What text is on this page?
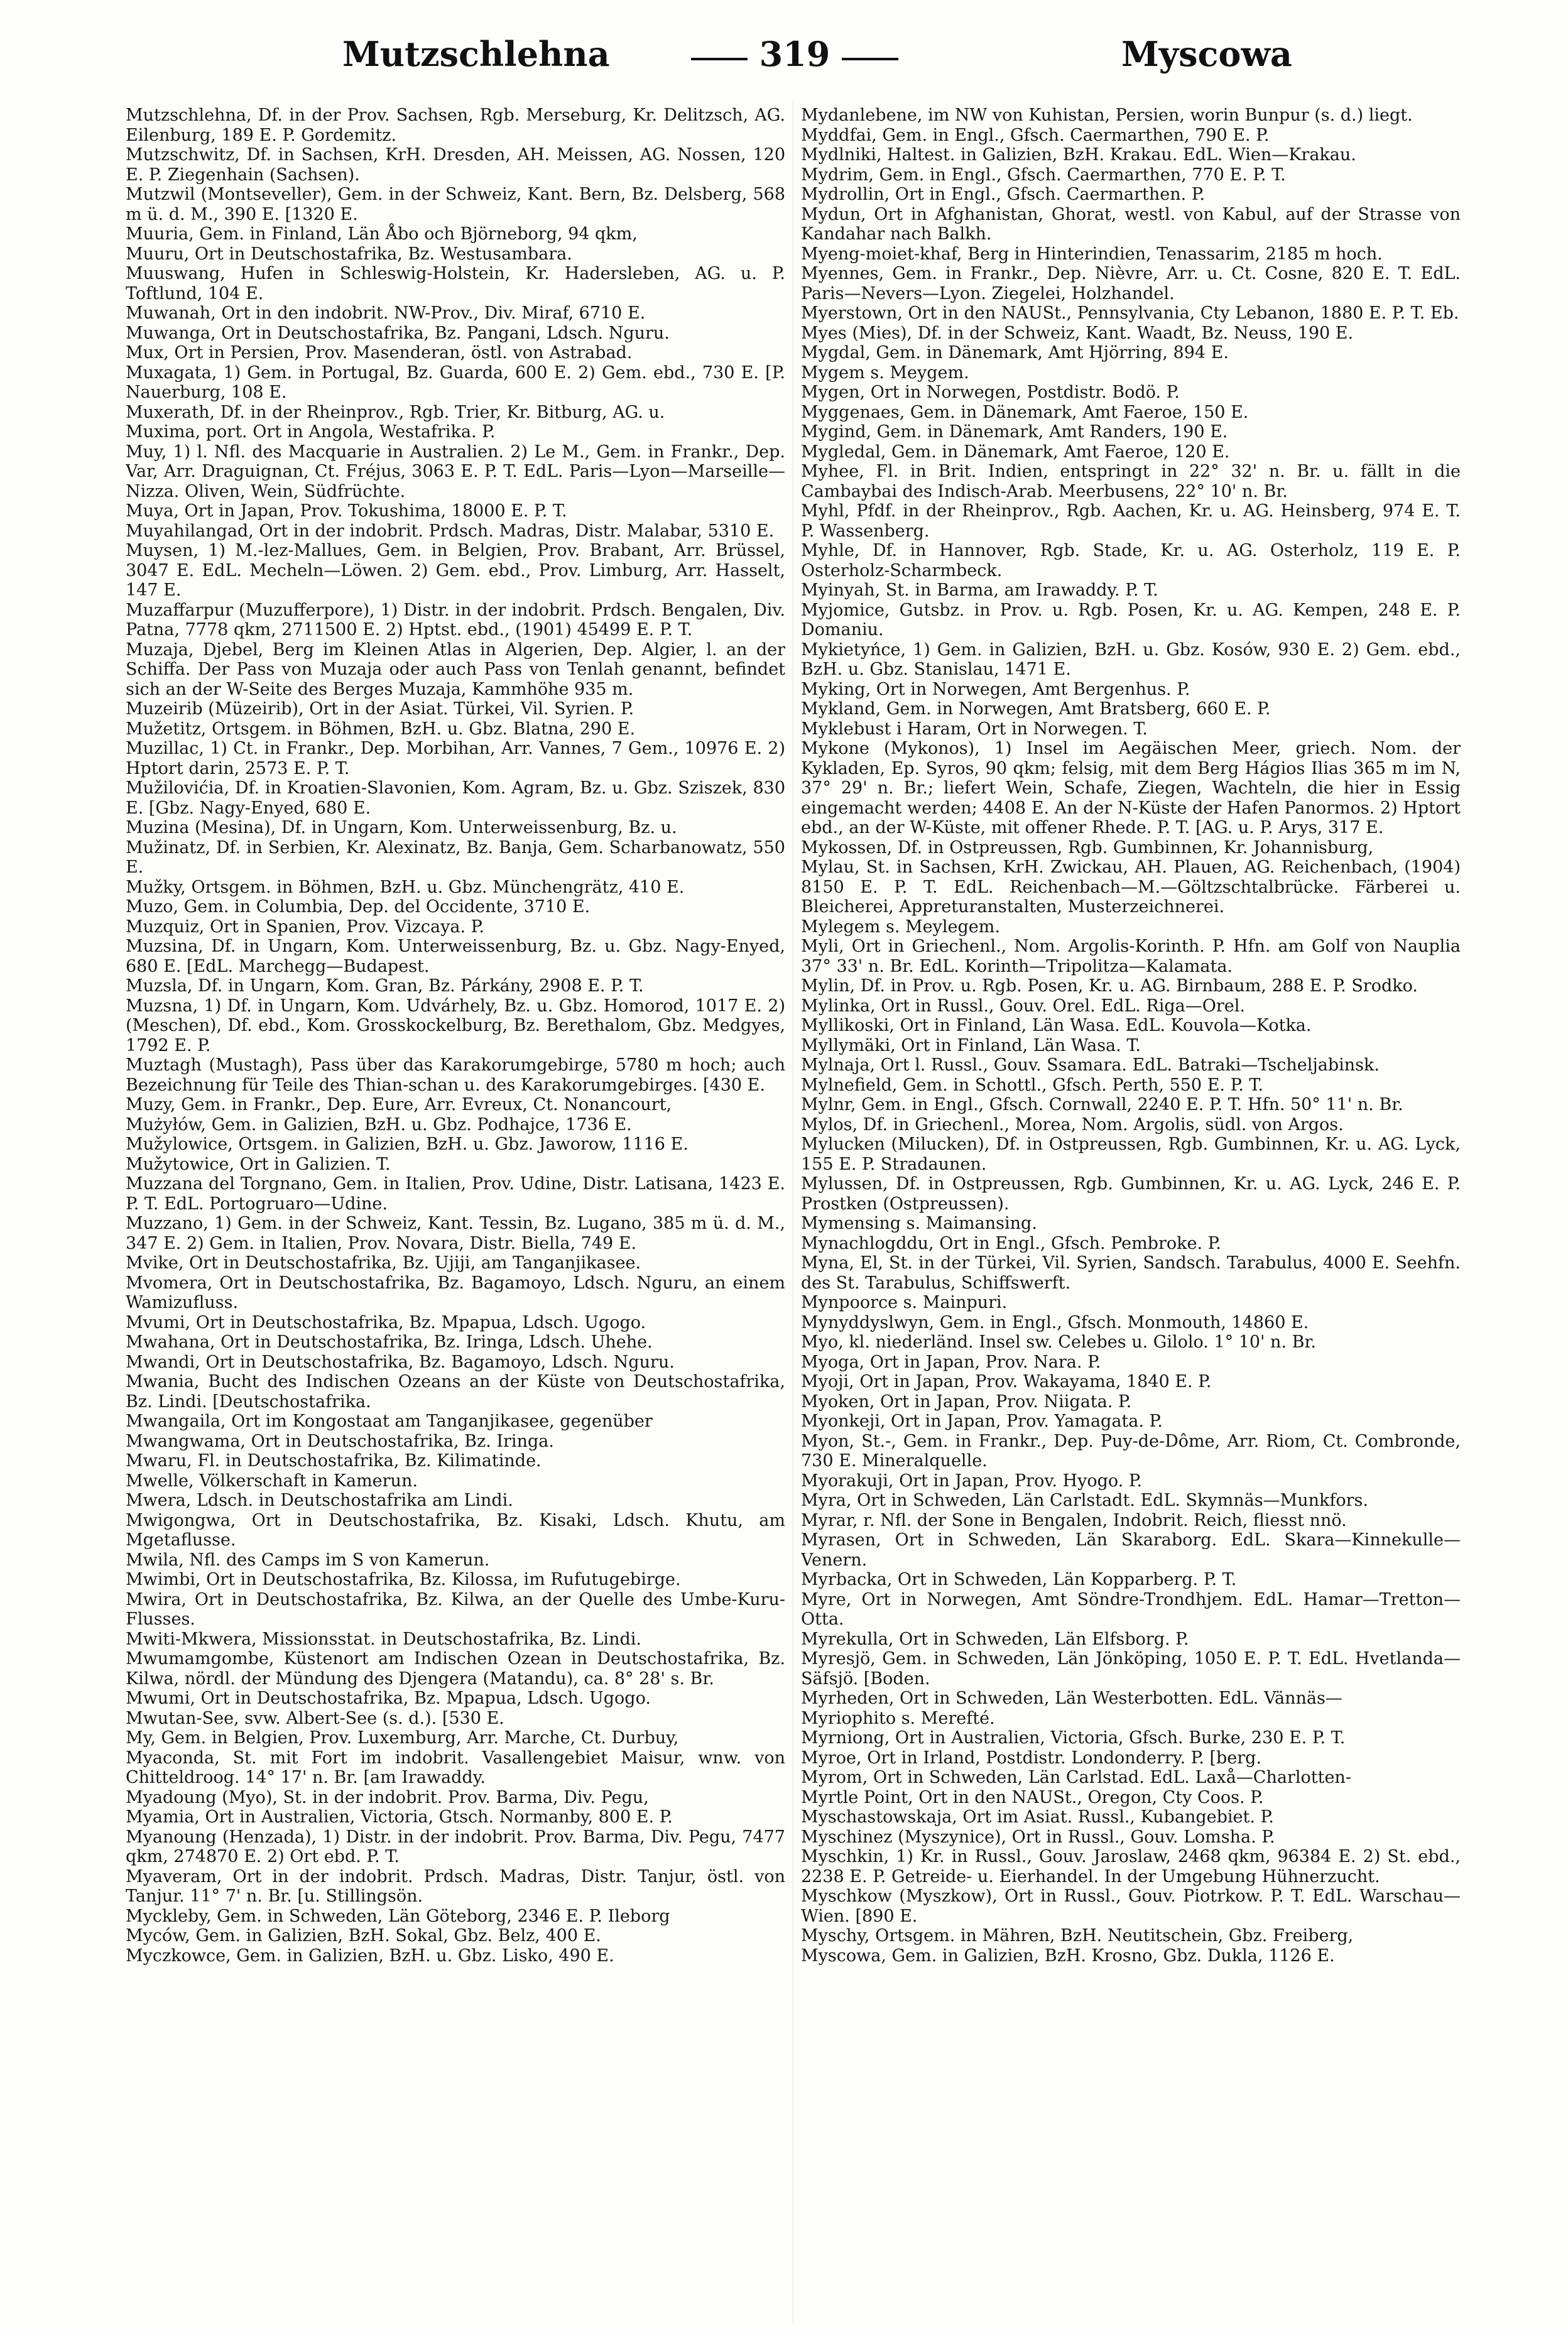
Mutzschlehna	319	Myscowa

Mutzschlehna, Df. in der Prov. Sachsen, Rgb. Merseburg, Kr. Delitzsch, AG. Eilenburg, 189 E. P. Gordemitz.

Mutzschwitz, Df. in Sachsen, KrH. Dresden, AH. Meissen, AG. Nossen, 120 E. P. Ziegenhain (Sachsen).

Mutzwil (Montseveller), Gem. in der Schweiz, Kant. Bern, Bz. Delsberg, 568 m ü. d. M., 390 E. [1320 E.

Muuria, Gem. in Finland, Län Åbo och Björneborg, 94 qkm,

Muuru, Ort in Deutschostafrika, Bz. Westusambara.

Muuswang, Hufen in Schleswig-Holstein, Kr. Hadersleben, AG. u. P. Toftlund, 104 E.

Muwanah, Ort in den indobrit. NW-Prov., Div. Miraf, 6710 E.

Muwanga, Ort in Deutschostafrika, Bz. Pangani, Ldsch. Nguru.

Mux, Ort in Persien, Prov. Masenderan, östl. von Astrabad.

Muxagata, 1) Gem. in Portugal, Bz. Guarda, 600 E. 2) Gem. ebd., 730 E. [P. Nauerburg, 108 E.

Muxerath, Df. in der Rheinprov., Rgb. Trier, Kr. Bitburg, AG. u.

Muxima, port. Ort in Angola, Westafrika. P.

Muy, 1) l. Nfl. des Macquarie in Australien. 2) Le M., Gem. in Frankr., Dep. Var, Arr. Draguignan, Ct. Fréjus, 3063 E. P. T. EdL. Paris—Lyon—Marseille—Nizza. Oliven, Wein, Südfrüchte.

Muya, Ort in Japan, Prov. Tokushima, 18000 E. P. T.

Muyahilangad, Ort in der indobrit. Prdsch. Madras, Distr. Malabar, 5310 E.

Muysen, 1) M.-lez-Mallues, Gem. in Belgien, Prov. Brabant, Arr. Brüssel, 3047 E. EdL. Mecheln—Löwen. 2) Gem. ebd., Prov. Limburg, Arr. Hasselt, 147 E.

Muzaffarpur (Muzufferpore), 1) Distr. in der indobrit. Prdsch. Bengalen, Div. Patna, 7778 qkm, 2711500 E. 2) Hptst. ebd., (1901) 45499 E. P. T.

Muzaja, Djebel, Berg im Kleinen Atlas in Algerien, Dep. Algier, l. an der Schiffa. Der Pass von Muzaja oder auch Pass von Tenlah genannt, befindet sich an der W-Seite des Berges Muzaja, Kammhöhe 935 m.

Muzeirib (Müzeirib), Ort in der Asiat. Türkei, Vil. Syrien. P.

Mužetitz, Ortsgem. in Böhmen, BzH. u. Gbz. Blatna, 290 E.

Muzillac, 1) Ct. in Frankr., Dep. Morbihan, Arr. Vannes, 7 Gem., 10976 E. 2) Hptort darin, 2573 E. P. T.

Mužilovićia, Df. in Kroatien-Slavonien, Kom. Agram, Bz. u. Gbz. Sziszek, 830 E. [Gbz. Nagy-Enyed, 680 E.

Muzina (Mesina), Df. in Ungarn, Kom. Unterweissenburg, Bz. u.

Mužinatz, Df. in Serbien, Kr. Alexinatz, Bz. Banja, Gem. Scharbanowatz, 550 E.

Mužky, Ortsgem. in Böhmen, BzH. u. Gbz. Münchengrätz, 410 E.

Muzo, Gem. in Columbia, Dep. del Occidente, 3710 E.

Muzquiz, Ort in Spanien, Prov. Vizcaya. P.

Muzsina, Df. in Ungarn, Kom. Unterweissenburg, Bz. u. Gbz. Nagy-Enyed, 680 E. [EdL. Marchegg—Budapest.

Muzsla, Df. in Ungarn, Kom. Gran, Bz. Párkány, 2908 E. P. T.

Muzsna, 1) Df. in Ungarn, Kom. Udvárhely, Bz. u. Gbz. Homorod, 1017 E. 2) (Meschen), Df. ebd., Kom. Grosskockelburg, Bz. Berethalom, Gbz. Medgyes, 1792 E. P.

Muztagh (Mustagh), Pass über das Karakorumgebirge, 5780 m hoch; auch Bezeichnung für Teile des Thian-schan u. des Karakorumgebirges. [430 E.

Muzy, Gem. in Frankr., Dep. Eure, Arr. Evreux, Ct. Nonancourt,

Mużyłów, Gem. in Galizien, BzH. u. Gbz. Podhajce, 1736 E.

Mužylowice, Ortsgem. in Galizien, BzH. u. Gbz. Jaworow, 1116 E.

Mužytowice, Ort in Galizien. T.

Muzzana del Torgnano, Gem. in Italien, Prov. Udine, Distr. Latisana, 1423 E. P. T. EdL. Portogruaro—Udine.

Muzzano, 1) Gem. in der Schweiz, Kant. Tessin, Bz. Lugano, 385 m ü. d. M., 347 E. 2) Gem. in Italien, Prov. Novara, Distr. Biella, 749 E.

Mvike, Ort in Deutschostafrika, Bz. Ujiji, am Tanganjikasee.

Mvomera, Ort in Deutschostafrika, Bz. Bagamoyo, Ldsch. Nguru, an einem Wamizufluss.

Mvumi, Ort in Deutschostafrika, Bz. Mpapua, Ldsch. Ugogo.

Mwahana, Ort in Deutschostafrika, Bz. Iringa, Ldsch. Uhehe.

Mwandi, Ort in Deutschostafrika, Bz. Bagamoyo, Ldsch. Nguru.

Mwania, Bucht des Indischen Ozeans an der Küste von Deutschostafrika, Bz. Lindi. [Deutschostafrika.

Mwangaila, Ort im Kongostaat am Tanganjikasee, gegenüber

Mwangwama, Ort in Deutschostafrika, Bz. Iringa.

Mwaru, Fl. in Deutschostafrika, Bz. Kilimatinde.

Mwelle, Völkerschaft in Kamerun.

Mwera, Ldsch. in Deutschostafrika am Lindi.

Mwigongwa, Ort in Deutschostafrika, Bz. Kisaki, Ldsch. Khutu, am Mgetaflusse.

Mwila, Nfl. des Camps im S von Kamerun.

Mwimbi, Ort in Deutschostafrika, Bz. Kilossa, im Rufutugebirge.

Mwira, Ort in Deutschostafrika, Bz. Kilwa, an der Quelle des Umbe-Kuru-Flusses.

Mwiti-Mkwera, Missionsstat. in Deutschostafrika, Bz. Lindi.

Mwumamgombe, Küstenort am Indischen Ozean in Deutschostafrika, Bz. Kilwa, nördl. der Mündung des Djengera (Matandu), ca. 8° 28' s. Br.

Mwumi, Ort in Deutschostafrika, Bz. Mpapua, Ldsch. Ugogo.

Mwutan-See, svw. Albert-See (s. d.). [530 E.

My, Gem. in Belgien, Prov. Luxemburg, Arr. Marche, Ct. Durbuy,

Myaconda, St. mit Fort im indobrit. Vasallengebiet Maisur, wnw. von Chitteldroog. 14° 17' n. Br. [am Irawaddy.

Myadoung (Myo), St. in der indobrit. Prov. Barma, Div. Pegu,

Myamia, Ort in Australien, Victoria, Gtsch. Normanby, 800 E. P.

Myanoung (Henzada), 1) Distr. in der indobrit. Prov. Barma, Div. Pegu, 7477 qkm, 274870 E. 2) Ort ebd. P. T.

Myaveram, Ort in der indobrit. Prdsch. Madras, Distr. Tanjur, östl. von Tanjur. 11° 7' n. Br. [u. Stillingsön.

Myckleby, Gem. in Schweden, Län Göteborg, 2346 E. P. Ileborg

Myców, Gem. in Galizien, BzH. Sokal, Gbz. Belz, 400 E.

Myczkowce, Gem. in Galizien, BzH. u. Gbz. Lisko, 490 E.

Mydanlebene, im NW von Kuhistan, Persien, worin Bunpur (s. d.) liegt.

Myddfai, Gem. in Engl., Gfsch. Caermarthen, 790 E. P.

Mydlniki, Haltest. in Galizien, BzH. Krakau. EdL. Wien—Krakau.

Mydrim, Gem. in Engl., Gfsch. Caermarthen, 770 E. P. T.

Mydrollin, Ort in Engl., Gfsch. Caermarthen. P.

Mydun, Ort in Afghanistan, Ghorat, westl. von Kabul, auf der Strasse von Kandahar nach Balkh.

Myeng-moiet-khaf, Berg in Hinterindien, Tenassarim, 2185 m hoch.

Myennes, Gem. in Frankr., Dep. Nièvre, Arr. u. Ct. Cosne, 820 E. T. EdL. Paris—Nevers—Lyon. Ziegelei, Holzhandel.

Myerstown, Ort in den NAUSt., Pennsylvania, Cty Lebanon, 1880 E. P. T. Eb.

Myes (Mies), Df. in der Schweiz, Kant. Waadt, Bz. Neuss, 190 E.

Mygdal, Gem. in Dänemark, Amt Hjörring, 894 E.

Mygem s. Meygem.

Mygen, Ort in Norwegen, Postdistr. Bodö. P.

Myggenaes, Gem. in Dänemark, Amt Faeroe, 150 E.

Mygind, Gem. in Dänemark, Amt Randers, 190 E.

Mygledal, Gem. in Dänemark, Amt Faeroe, 120 E.

Myhee, Fl. in Brit. Indien, entspringt in 22° 32' n. Br. u. fällt in die Cambaybai des Indisch-Arab. Meerbusens, 22° 10' n. Br.

Myhl, Pfdf. in der Rheinprov., Rgb. Aachen, Kr. u. AG. Heinsberg, 974 E. T. P. Wassenberg.

Myhle, Df. in Hannover, Rgb. Stade, Kr. u. AG. Osterholz, 119 E. P. Osterholz-Scharmbeck.

Myinyah, St. in Barma, am Irawaddy. P. T.

Myjomice, Gutsbz. in Prov. u. Rgb. Posen, Kr. u. AG. Kempen, 248 E. P. Domaniu.

Mykietyńce, 1) Gem. in Galizien, BzH. u. Gbz. Kosów, 930 E. 2) Gem. ebd., BzH. u. Gbz. Stanislau, 1471 E.

Myking, Ort in Norwegen, Amt Bergenhus. P.

Mykland, Gem. in Norwegen, Amt Bratsberg, 660 E. P.

Myklebust i Haram, Ort in Norwegen. T.

Mykone (Mykonos), 1) Insel im Aegäischen Meer, griech. Nom. der Kykladen, Ep. Syros, 90 qkm; felsig, mit dem Berg Hágios Ilias 365 m im N, 37° 29' n. Br.; liefert Wein, Schafe, Ziegen, Wachteln, die hier in Essig eingemacht werden; 4408 E. An der N-Küste der Hafen Panormos. 2) Hptort ebd., an der W-Küste, mit offener Rhede. P. T. [AG. u. P. Arys, 317 E.

Mykossen, Df. in Ostpreussen, Rgb. Gumbinnen, Kr. Johannisburg,

Mylau, St. in Sachsen, KrH. Zwickau, AH. Plauen, AG. Reichenbach, (1904) 8150 E. P. T. EdL. Reichenbach—M.—Göltzschtalbrücke. Färberei u. Bleicherei, Appreturanstalten, Musterzeichnerei.

Mylegem s. Meylegem.

Myli, Ort in Griechenl., Nom. Argolis-Korinth. P. Hfn. am Golf von Nauplia 37° 33' n. Br. EdL. Korinth—Tripolitza—Kalamata.

Mylin, Df. in Prov. u. Rgb. Posen, Kr. u. AG. Birnbaum, 288 E. P. Srodko.

Mylinka, Ort in Russl., Gouv. Orel. EdL. Riga—Orel.

Myllikoski, Ort in Finland, Län Wasa. EdL. Kouvola—Kotka.

Myllymäki, Ort in Finland, Län Wasa. T.

Mylnaja, Ort l. Russl., Gouv. Ssamara. EdL. Batraki—Tscheljabinsk.

Mylnefield, Gem. in Schottl., Gfsch. Perth, 550 E. P. T.

Mylnr, Gem. in Engl., Gfsch. Cornwall, 2240 E. P. T. Hfn. 50° 11' n. Br.

Mylos, Df. in Griechenl., Morea, Nom. Argolis, südl. von Argos.

Mylucken (Milucken), Df. in Ostpreussen, Rgb. Gumbinnen, Kr. u. AG. Lyck, 155 E. P. Stradaunen.

Mylussen, Df. in Ostpreussen, Rgb. Gumbinnen, Kr. u. AG. Lyck, 246 E. P. Prostken (Ostpreussen).

Mymensing s. Maimansing.

Mynachlogddu, Ort in Engl., Gfsch. Pembroke. P.

Myna, El, St. in der Türkei, Vil. Syrien, Sandsch. Tarabulus, 4000 E. Seehfn. des St. Tarabulus, Schiffswerft.

Mynpoorce s. Mainpuri.

Mynyddyslwyn, Gem. in Engl., Gfsch. Monmouth, 14860 E.

Myo, kl. niederländ. Insel sw. Celebes u. Gilolo. 1° 10' n. Br.

Myoga, Ort in Japan, Prov. Nara. P.

Myoji, Ort in Japan, Prov. Wakayama, 1840 E. P.

Myoken, Ort in Japan, Prov. Niigata. P.

Myonkeji, Ort in Japan, Prov. Yamagata. P.

Myon, St.-, Gem. in Frankr., Dep. Puy-de-Dôme, Arr. Riom, Ct. Combronde, 730 E. Mineralquelle.

Myorakuji, Ort in Japan, Prov. Hyogo. P.

Myra, Ort in Schweden, Län Carlstadt. EdL. Skymnäs—Munkfors.

Myrar, r. Nfl. der Sone in Bengalen, Indobrit. Reich, fliesst nnö.

Myrasen, Ort in Schweden, Län Skaraborg. EdL. Skara—Kinnekulle—Venern.

Myrbacka, Ort in Schweden, Län Kopparberg. P. T.

Myre, Ort in Norwegen, Amt Söndre-Trondhjem. EdL. Hamar—Tretton—Otta.

Myrekulla, Ort in Schweden, Län Elfsborg. P.

Myresjö, Gem. in Schweden, Län Jönköping, 1050 E. P. T. EdL. Hvetlanda—Säfsjö. [Boden.

Myrheden, Ort in Schweden, Län Westerbotten. EdL. Vännäs—

Myriophito s. Merefté.

Myrniong, Ort in Australien, Victoria, Gfsch. Burke, 230 E. P. T.

Myroe, Ort in Irland, Postdistr. Londonderry. P. [berg.

Myrom, Ort in Schweden, Län Carlstad. EdL. Laxå—Charlotten-

Myrtle Point, Ort in den NAUSt., Oregon, Cty Coos. P.

Myschastowskaja, Ort im Asiat. Russl., Kubangebiet. P.

Myschinez (Myszynice), Ort in Russl., Gouv. Lomsha. P.

Myschkin, 1) Kr. in Russl., Gouv. Jaroslaw, 2468 qkm, 96384 E. 2) St. ebd., 2238 E. P. Getreide- u. Eierhandel. In der Umgebung Hühnerzucht.

Myschkow (Myszkow), Ort in Russl., Gouv. Piotrkow. P. T. EdL. Warschau—Wien. [890 E.

Myschy, Ortsgem. in Mähren, BzH. Neutitschein, Gbz. Freiberg,

Myscowa, Gem. in Galizien, BzH. Krosno, Gbz. Dukla, 1126 E.
